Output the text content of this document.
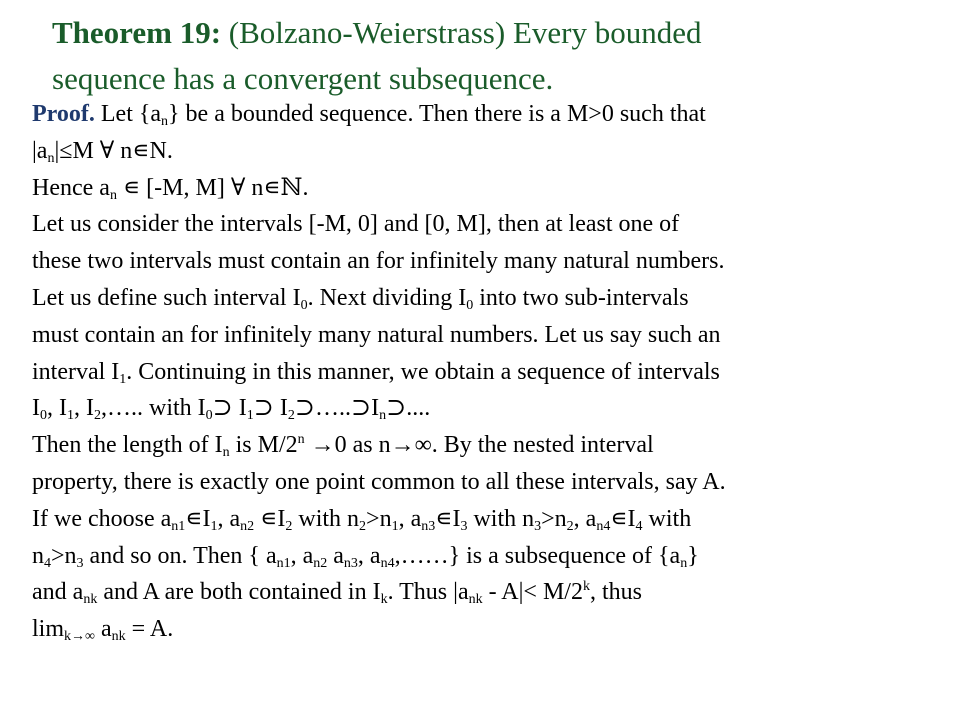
Theorem 19: (Bolzano-Weierstrass) Every bounded
sequence has a convergent subsequence.
Proof. Let $\{a_n\}$ be a bounded sequence. Then there is a M>0 such that
$|a_n|\le M$ ∀ n∊N.
Hence $a_n$ ∊ [-M, M] ∀ n∊ℕ.
Let us consider the intervals [-M, 0] and [0, M], then at least one of
these two intervals must contain an for infinitely many natural numbers.
Let us define such interval $I_0$. Next dividing $I_0$ into two sub-intervals
must contain an for infinitely many natural numbers. Let us say such an
interval $I_1$. Continuing in this manner, we obtain a sequence of intervals
$I_0$, $I_1$, $I_2,\dots$.. with $I_0⊃$ $I_1⊃$ $I_2⊃\dots..⊃I_n⊃$....
Then the length of $I_n$ is $M/2^n \to 0$ as n→∞. By the nested interval
property, there is exactly one point common to all these intervals, say A.
If we choose $a_{n1}∊I_1$, $a_{n2}$ $∊I_2$ with $n_2>n_1$, $a_{n3}∊I_3$ with $n_3>n_2$, $a_{n4}∊I_4$ with
$n_4>n_3$ and so on. Then { $a_{n1}$, $a_{n2}$ $a_{n3}$, $a_{n4},\dots\dots$} is a subsequence of $\{a_n\}$
and $a_{nk}$ and A are both contained in $I_k$. Thus $|a_{nk} - A|< M/2^k$, thus
$\lim_{k\to\infty} a_{nk} = A$.
